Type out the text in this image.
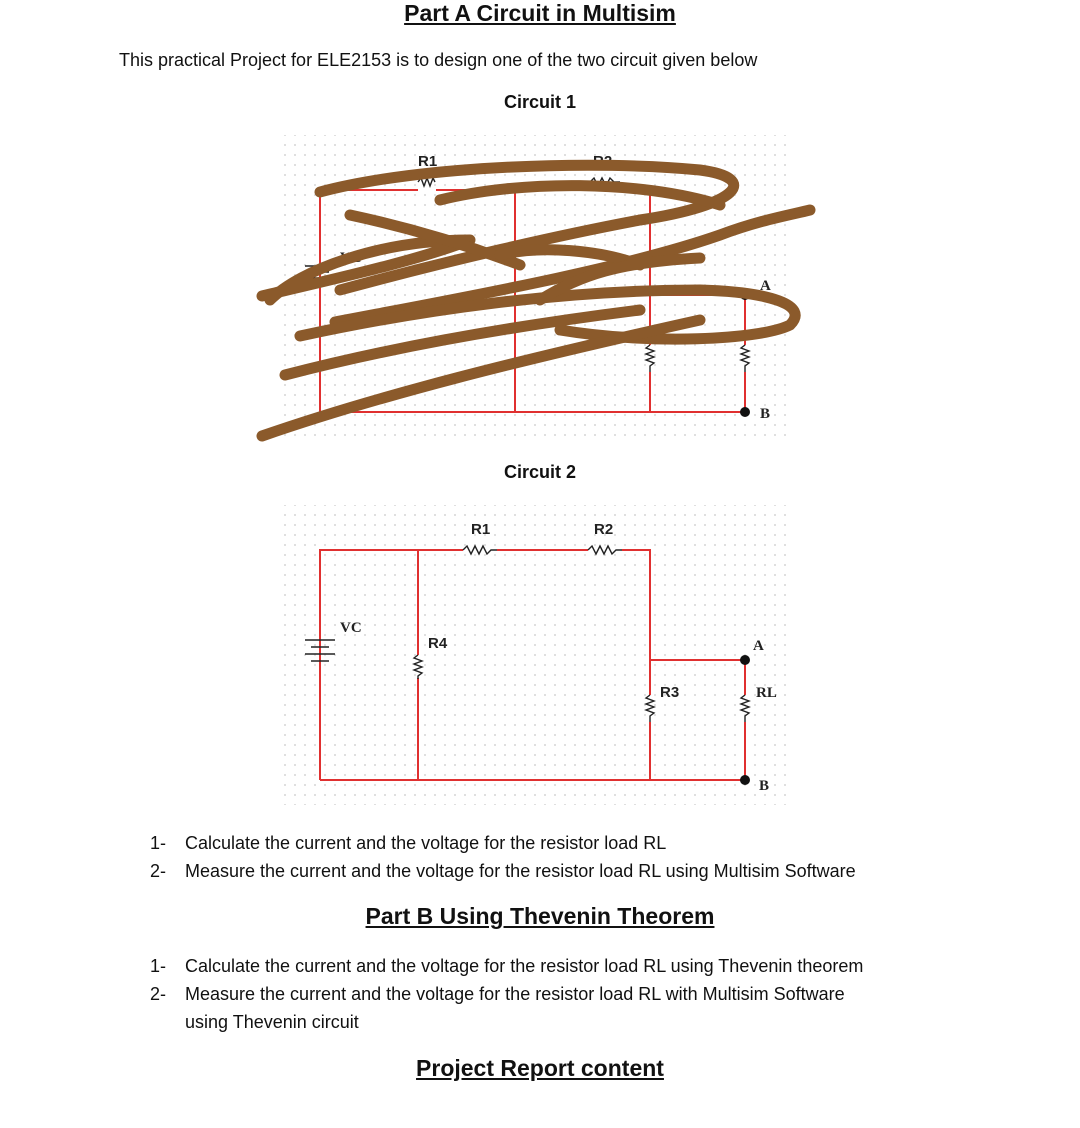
Part A Circuit in Multisim
This practical Project for ELE2153 is to design one of the two circuit given below
Circuit 1
R1	R2
VC
A
B
Circuit 2
R1	R2
VC
R4
R3	RL
A
B
1-	Calculate the current and the voltage for the resistor load RL
2-	Measure the current and the voltage for the resistor load RL using Multisim Software
Part B Using Thevenin Theorem
1-	Calculate the current and the voltage for the resistor load RL using Thevenin theorem
2-	Measure the current and the voltage for the resistor load RL with Multisim Software
using Thevenin circuit
Project Report content
